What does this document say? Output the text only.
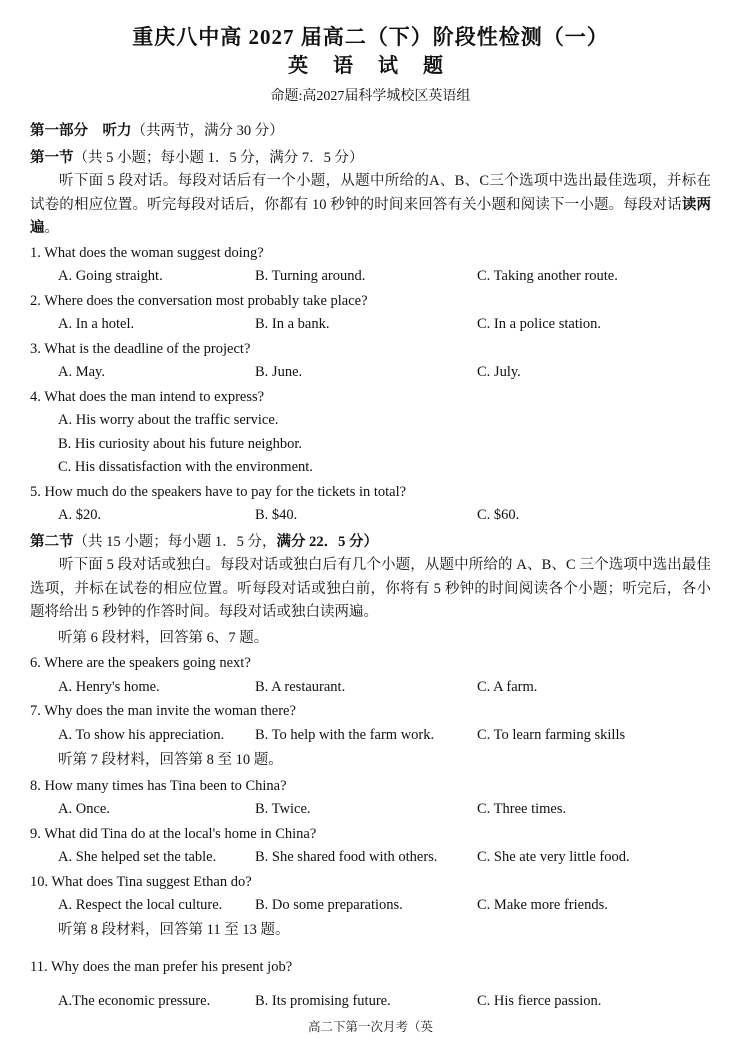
重庆八中高 2027 届高二（下）阶段性检测（一）
英 语 试 题
命题:高2027届科学城校区英语组
第一部分　听力（共两节，满分 30 分）
第一节（共 5 小题；每小题 1．5 分，满分 7．5 分）
听下面 5 段对话。每段对话后有一个小题，从题中所给的A、B、C三个选项中选出最佳选项，并标在试卷的相应位置。听完每段对话后，你都有 10 秒钟的时间来回答有关小题和阅读下一小题。每段对话读两遍。
1. What does the woman suggest doing?
A. Going straight.	B. Turning around.	C. Taking another route.
2. Where does the conversation most probably take place?
A. In a hotel.	B. In a bank.	C. In a police station.
3. What is the deadline of the project?
A. May.	B. June.	C. July.
4. What does the man intend to express?
A. His worry about the traffic service.
B. His curiosity about his future neighbor.
C. His dissatisfaction with the environment.
5. How much do the speakers have to pay for the tickets in total?
A. $20.	B. $40.	C. $60.
第二节（共 15 小题；每小题 1．5 分，满分 22．5 分）
听下面 5 段对话或独白。每段对话或独白后有几个小题，从题中所给的 A、B、C 三个选项中选出最佳选项，并标在试卷的相应位置。听每段对话或独白前，你将有 5 秒钟的时间阅读各个小题；听完后，各小题将给出 5 秒钟的作答时间。每段对话或独白读两遍。
听第 6 段材料，回答第 6、7 题。
6. Where are the speakers going next?
A. Henry's home.	B. A restaurant.	C. A farm.
7. Why does the man invite the woman there?
A. To show his appreciation.	B. To help with the farm work.	C. To learn farming skills
听第 7 段材料，回答第 8 至 10 题。
8. How many times has Tina been to China?
A. Once.	B. Twice.	C. Three times.
9. What did Tina do at the local's home in China?
A. She helped set the table.	B. She shared food with others.	C. She ate very little food.
10. What does Tina suggest Ethan do?
A. Respect the local culture.	B. Do some preparations.	C. Make more friends.
听第 8 段材料，回答第 11 至 13 题。
11. Why does the man prefer his present job?
A.The economic pressure.	B. Its promising future.	C. His fierce passion.
高二下第一次月考（英
